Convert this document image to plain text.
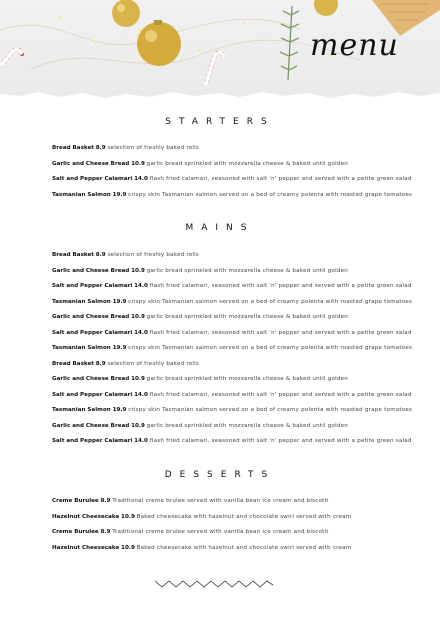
menu
STARTERS
Bread Basket 8.9 selection of freshly baked rolls
Garlic and Cheese Bread 10.9 garlic bread sprinkled with mozzarella cheese & baked until golden
Salt and Pepper Calamari 14.0 flash fried calamari, seasoned with salt 'n' pepper and served with a petite green salad
Tasmanian Salmon 19.9 crispy skin Tasmanian salmon served on a bed of creamy polenta with roasted grape tomatoes
MAINS
Bread Basket 8.9 selection of freshly baked rolls
Garlic and Cheese Bread 10.9 garlic bread sprinkled with mozzarella cheese & baked until golden
Salt and Pepper Calamari 14.0 flash fried calamari, seasoned with salt 'n' pepper and served with a petite green salad
Tasmanian Salmon 19.9 crispy skin Tasmanian salmon served on a bed of creamy polenta with roasted grape tomatoes
Garlic and Cheese Bread 10.9 garlic bread sprinkled with mozzarella cheese & baked until golden
Salt and Pepper Calamari 14.0 flash fried calamari, seasoned with salt 'n' pepper and served with a petite green salad
Tasmanian Salmon 19.9 crispy skin Tasmanian salmon served on a bed of creamy polenta with roasted grape tomatoes
Bread Basket 8.9 selection of freshly baked rolls
Garlic and Cheese Bread 10.9 garlic bread sprinkled with mozzarella cheese & baked until golden
Salt and Pepper Calamari 14.0 flash fried calamari, seasoned with salt 'n' pepper and served with a petite green salad
Tasmanian Salmon 19.9 crispy skin Tasmanian salmon served on a bed of creamy polenta with roasted grape tomatoes
Garlic and Cheese Bread 10.9 garlic bread sprinkled with mozzarella cheese & baked until golden
Salt and Pepper Calamari 14.0 flash fried calamari, seasoned with salt 'n' pepper and served with a petite green salad
DESSERTS
Creme Burulee 8.9 Traditional creme brulee served with vanilla bean ice cream and biscotti
Hazelnut Cheesecake 10.9 Baked cheesecake with hazelnut and chocolate swirl served with cream
Creme Burulee 8.9 Traditional creme brulee served with vanilla bean ice cream and biscotti
Hazelnut Cheesecake 10.9 Baked cheesecake with hazelnut and chocolate swirl served with cream
